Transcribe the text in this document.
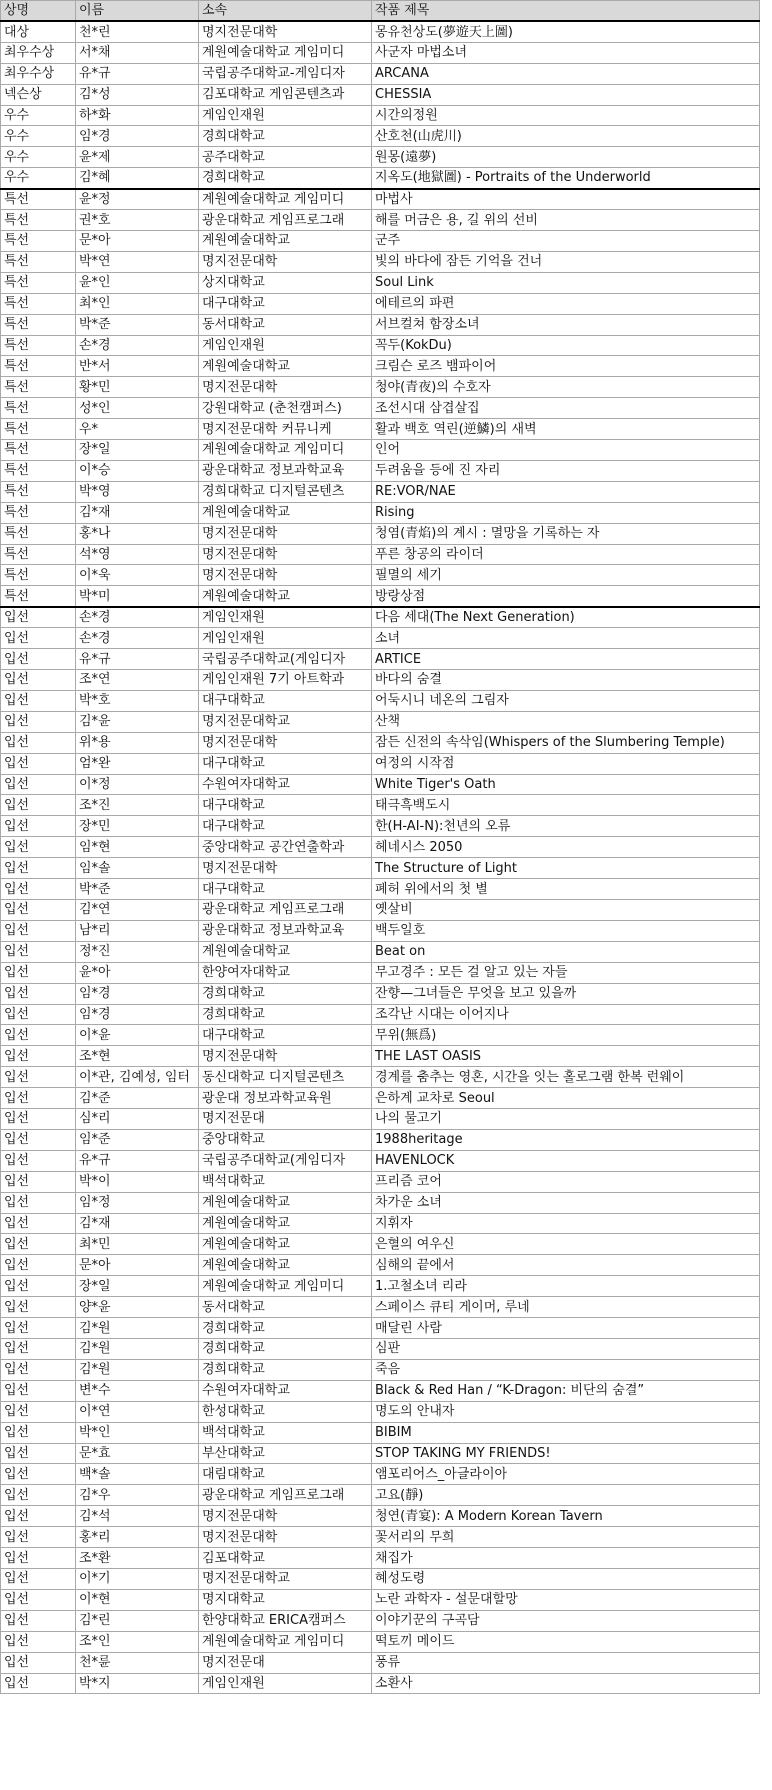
상명	이름	소속	작품 제목
대상	천*린	명지전문대학	몽유천상도(夢遊天上圖)
최우수상	서*채	계원예술대학교 게임미디	사군자 마법소녀
최우수상	유*규	국립공주대학교-게임디자	ARCANA
넥슨상	김*성	김포대학교 게임콘텐츠과	CHESSIA
우수	하*화	게임인재원	시간의정원
우수	임*경	경희대학교	산호천(山虎川)
우수	윤*제	공주대학교	원몽(遠夢)
우수	김*혜	경희대학교	지옥도(地獄圖) - Portraits of the Underworld
특선	윤*정	계원예술대학교 게임미디	마법사
특선	권*호	광운대학교 게임프로그래	해를 머금은 용, 길 위의 선비
특선	문*아	계원예술대학교	군주
특선	박*연	명지전문대학	빛의 바다에 잠든 기억을 건너
특선	윤*인	상지대학교	Soul Link
특선	최*인	대구대학교	에테르의 파편
특선	박*준	동서대학교	서브컬쳐 함장소녀
특선	손*경	게임인재원	꼭두(KokDu)
특선	반*서	계원예술대학교	크림슨 로즈 뱀파이어
특선	황*민	명지전문대학	청야(青夜)의 수호자
특선	성*인	강원대학교 (춘천캠퍼스)	조선시대 삼겹살집
특선	우*	명지전문대학 커뮤니케	활과 백호 역린(逆鱗)의 새벽
특선	장*일	계원예술대학교 게임미디	인어
특선	이*승	광운대학교 정보과학교육	두려움을 등에 진 자리
특선	박*영	경희대학교 디지털콘텐츠	RE:VOR/NAE
특선	김*재	계원예술대학교	Rising
특선	홍*나	명지전문대학	청염(青焰)의 계시 : 멸망을 기록하는 자
특선	석*영	명지전문대학	푸른 창공의 라이더
특선	이*욱	명지전문대학	필멸의 세기
특선	박*미	계원예술대학교	방랑상점
입선	손*경	게임인재원	다음 세대(The Next Generation)
입선	손*경	게임인재원	소녀
입선	유*규	국립공주대학교(게임디자	ARTICE
입선	조*연	게임인재원 7기 아트학과	바다의 숨결
입선	박*호	대구대학교	어둑시니 네온의 그림자
입선	김*윤	명지전문대학교	산책
입선	위*용	명지전문대학	잠든 신전의 속삭임(Whispers of the Slumbering Temple)
입선	엄*완	대구대학교	여정의 시작점
입선	이*정	수원여자대학교	White Tiger's Oath
입선	조*진	대구대학교	태극흑백도시
입선	장*민	대구대학교	한(H-AI-N):천년의 오류
입선	임*현	중앙대학교 공간연출학과	헤네시스 2050
입선	임*솔	명지전문대학	The Structure of Light
입선	박*준	대구대학교	폐허 위에서의 첫 별
입선	김*연	광운대학교 게임프로그래	옛살비
입선	남*리	광운대학교 정보과학교육	백두일호
입선	정*진	계원예술대학교	Beat on
입선	윤*아	한양여자대학교	무고경주 : 모든 걸 알고 있는 자들
입선	임*경	경희대학교	잔향—그녀들은 무엇을 보고 있을까
입선	임*경	경희대학교	조각난 시대는 이어지나
입선	이*윤	대구대학교	무위(無爲)
입선	조*현	명지전문대학	THE LAST OASIS
입선	이*관, 김예성, 임터	동신대학교 디지털콘텐츠	경계를 춤추는 영혼, 시간을 잇는 홀로그램 한복 런웨이
입선	김*준	광운대 정보과학교육원	은하계 교차로 Seoul
입선	심*리	명지전문대	나의 물고기
입선	임*준	중앙대학교	1988heritage
입선	유*규	국립공주대학교(게임디자	HAVENLOCK
입선	박*이	백석대학교	프리즘 코어
입선	임*정	계원예술대학교	차가운 소녀
입선	김*재	계원예술대학교	지휘자
입선	최*민	계원예술대학교	은혈의 여우신
입선	문*아	계원예술대학교	심해의 끝에서
입선	장*일	계원예술대학교 게임미디	1.고철소녀 리라
입선	양*윤	동서대학교	스페이스 큐티 게이머, 루네
입선	김*원	경희대학교	매달린 사람
입선	김*원	경희대학교	심판
입선	김*원	경희대학교	죽음
입선	변*수	수원여자대학교	Black & Red Han / “K-Dragon: 비단의 숨결”
입선	이*연	한성대학교	명도의 안내자
입선	박*인	백석대학교	BIBIM
입선	문*효	부산대학교	STOP TAKING MY FRIENDS!
입선	백*솔	대림대학교	앰포리어스_아글라이아
입선	김*우	광운대학교 게임프로그래	고요(靜)
입선	김*석	명지전문대학	청연(青宴): A Modern Korean Tavern
입선	홍*리	명지전문대학	꽃서리의 무희
입선	조*환	김포대학교	채집가
입선	이*기	명지전문대학교	혜성도령
입선	이*현	명지대학교	노란 과학자 - 설문대할망
입선	김*린	한양대학교 ERICA캠퍼스	이야기꾼의 구곡담
입선	조*인	계원예술대학교 게임미디	떡토끼 메이드
입선	천*륜	명지전문대	풍류
입선	박*지	게임인재원	소환사
